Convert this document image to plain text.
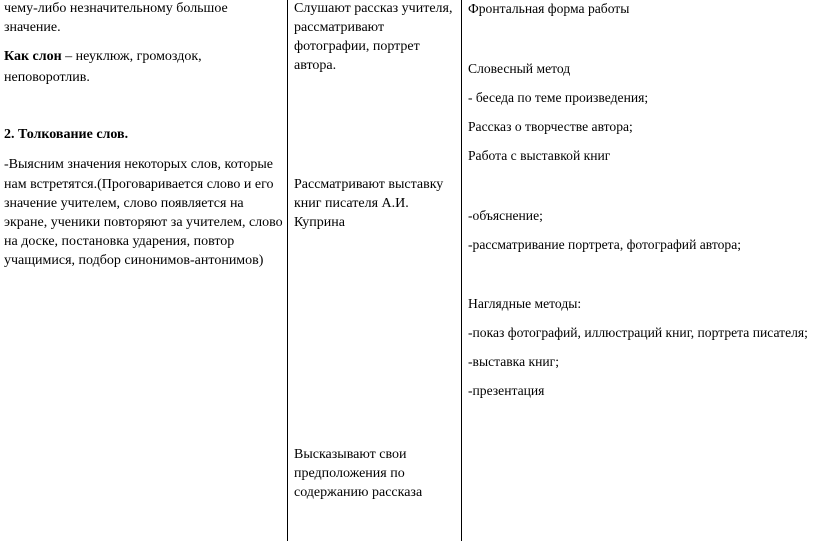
чему-либо незначительному большое

значение.

Как слон – неуклюж, громоздок,

неповоротлив.

2. Толкование слов.

-Выясним значения некоторых слов, которые

нам встретятся.(Проговаривается слово и его

значение учителем, слово появляется на

экране, ученики повторяют за учителем, слово

на доске, постановка ударения, повтор

учащимися, подбор синонимов-антонимов)

Слушают рассказ учителя,

рассматривают

фотографии, портрет

автора.

Рассматривают выставку

книг писателя А.И.

Куприна

Высказывают свои

предположения по

содержанию рассказа

Фронтальная форма работы

Словесный метод

- беседа по теме произведения;

Рассказ о творчестве автора;

Работа с выставкой книг

-объяснение;

-рассматривание портрета, фотографий автора;

Наглядные методы:

-показ фотографий, иллюстраций книг, портрета писателя;

-выставка книг;

-презентация
